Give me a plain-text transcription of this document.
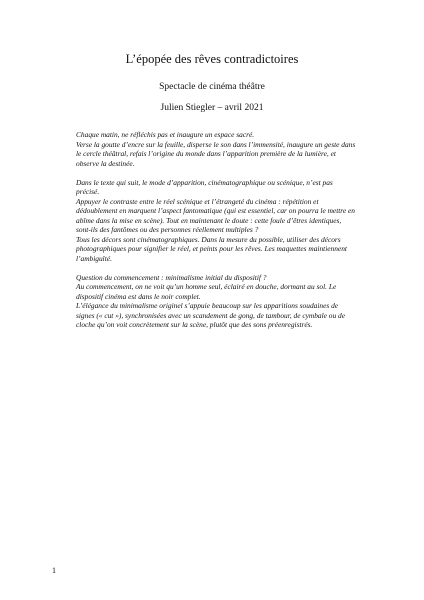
L’épopée des rêves contradictoires

Spectacle de cinéma théâtre

Julien Stiegler – avril 2021

Chaque matin, ne réfléchis pas et inaugure un espace sacré.
Verse la goutte d’encre sur la feuille, disperse le son dans l’immensité, inaugure un geste dans
le cercle théâtral, refais l’origine du monde dans l’apparition première de la lumière, et
observe la destinée.

Dans le texte qui suit, le mode d’apparition, cinématographique ou scénique, n’est pas
précisé.
Appuyer le contraste entre le réel scénique et l’étrangeté du cinéma : répétition et
dédoublement en marquent l’aspect fantomatique (qui est essentiel, car on pourra le mettre en
abîme dans la mise en scène). Tout en maintenant le doute : cette foule d’êtres identiques,
sont-ils des fantômes ou des personnes réellement multiples ?
Tous les décors sont cinématographiques. Dans la mesure du possible, utiliser des décors
photographiques pour signifier le réel, et peints pour les rêves. Les maquettes maintiennent
l’ambiguïté.

Question du commencement : minimalisme initial du dispositif ?
Au commencement, on ne voit qu’un homme seul, éclairé en douche, dormant au sol. Le
dispositif cinéma est dans le noir complet.
L’élégance du minimalisme originel s’appuie beaucoup sur les apparitions soudaines de
signes (« cut »), synchronisées avec un scandement de gong, de tambour, de cymbale ou de
cloche qu’on voit concrètement sur la scène, plutôt que des sons préenregistrés.

1
